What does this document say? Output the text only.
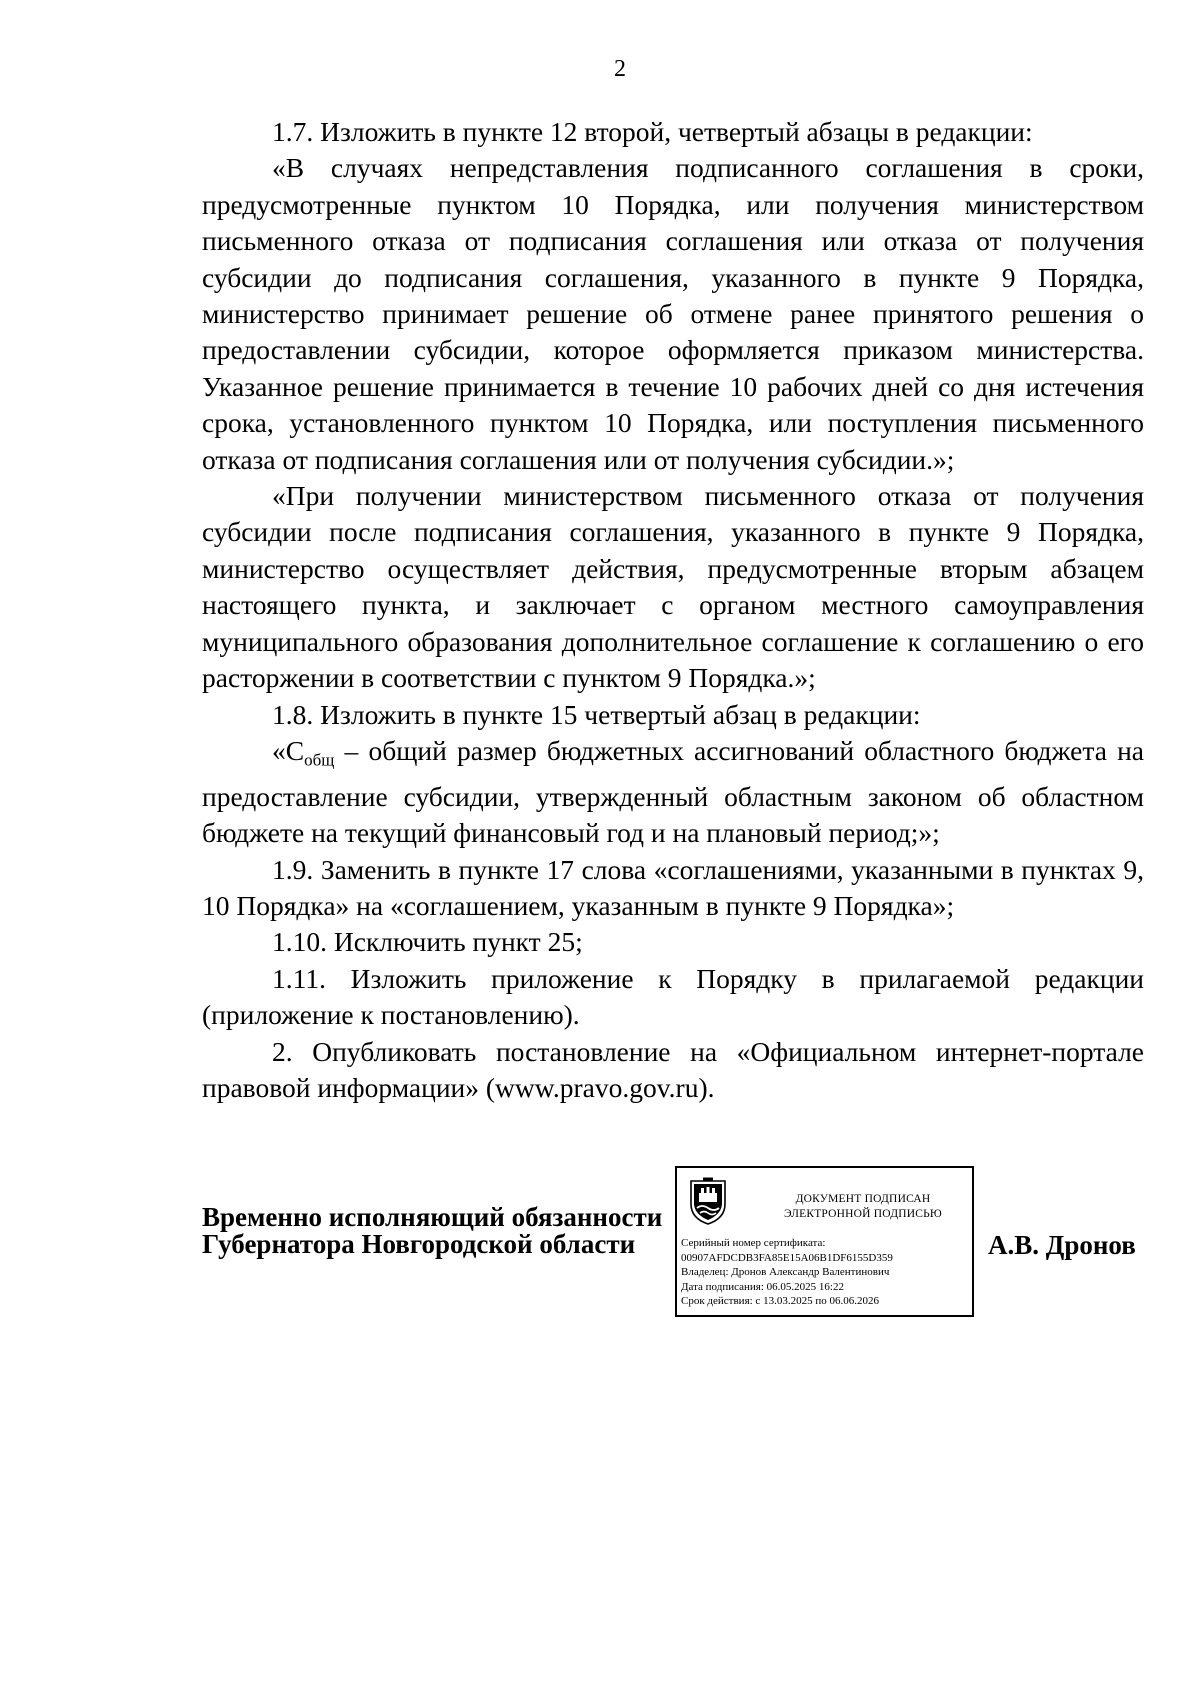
2

1.7. Изложить в пункте 12 второй, четвертый абзацы в редакции:

«В случаях непредставления подписанного соглашения в сроки, предусмотренные пунктом 10 Порядка, или получения министерством письменного отказа от подписания соглашения или отказа от получения субсидии до подписания соглашения, указанного в пункте 9 Порядка, министерство принимает решение об отмене ранее принятого решения о предоставлении субсидии, которое оформляется приказом министерства. Указанное решение принимается в течение 10 рабочих дней со дня истечения срока, установленного пунктом 10 Порядка, или поступления письменного отказа от подписания соглашения или от получения субсидии.»;

«При получении министерством письменного отказа от получения субсидии после подписания соглашения, указанного в пункте 9 Порядка, министерство осуществляет действия, предусмотренные вторым абзацем настоящего пункта, и заключает с органом местного самоуправления муниципального образования дополнительное соглашение к соглашению о его расторжении в соответствии с пунктом 9 Порядка.»;

1.8. Изложить в пункте 15 четвертый абзац в редакции:

«$С_{общ}$ – общий размер бюджетных ассигнований областного бюджета на предоставление субсидии, утвержденный областным законом об областном бюджете на текущий финансовый год и на плановый период;»;

1.9. Заменить в пункте 17 слова «соглашениями, указанными в пунктах 9, 10 Порядка» на «соглашением, указанным в пункте 9 Порядка»;

1.10. Исключить пункт 25;

1.11. Изложить приложение к Порядку в прилагаемой редакции (приложение к постановлению).

2. Опубликовать постановление на «Официальном интернет-портале правовой информации» (www.pravo.gov.ru).

Временно исполняющий обязанности
Губернатора Новгородской области
ДОКУМЕНТ ПОДПИСАН
ЭЛЕКТРОННОЙ ПОДПИСЬЮ
Серийный номер сертификата:
00907AFDCDB3FA85E15A06B1DF6155D359
Владелец: Дронов Александр Валентинович
Дата подписания: 06.05.2025 16:22
Срок действия: с 13.03.2025 по 06.06.2026
А.В. Дронов
